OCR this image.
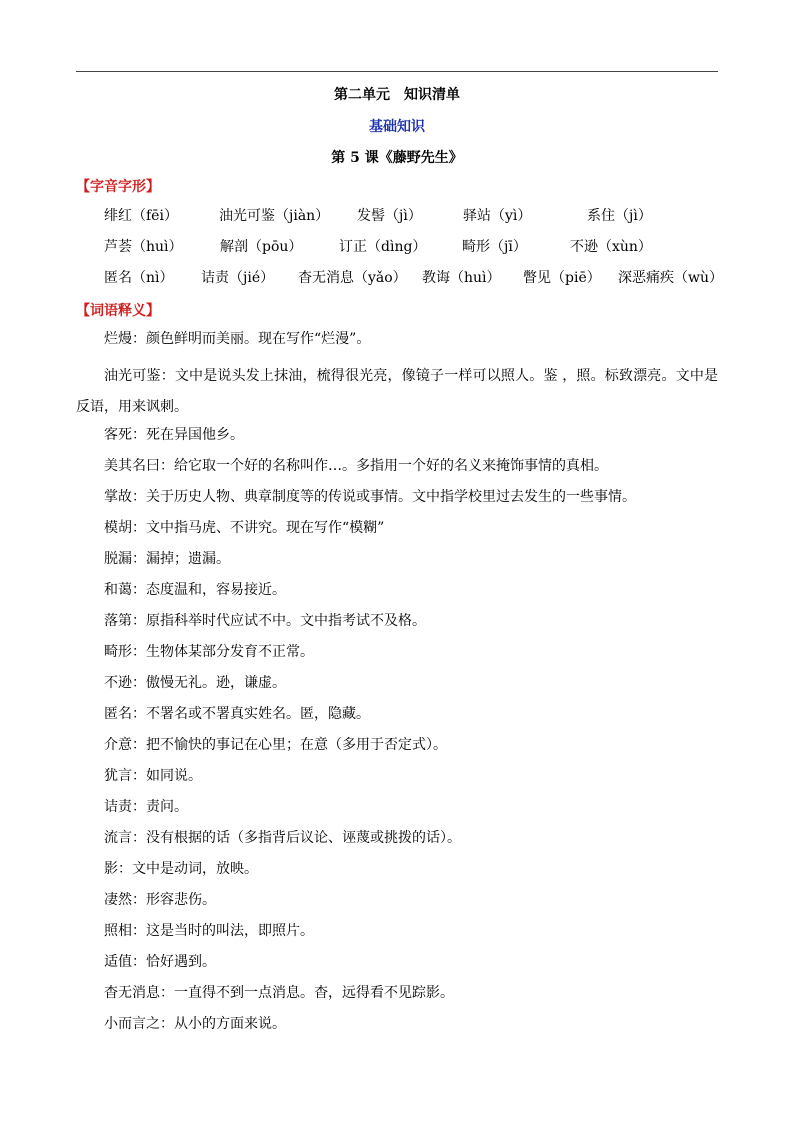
第二单元　知识清单
基础知识
第 5 课《藤野先生》
【字音字形】
绯红（fēi）	油光可鉴（jiàn） 发髻（jì）	驿站（yì）	系住（jì）
芦荟（huì）	解剖（pōu）	订正（dìng）	畸形（jī）	不逊（xùn）
匿名（nì） 诘责（jié） 杳无消息（yǎo） 教诲（huì） 瞥见（piē） 深恶痛疾（wù）
【词语释义】

烂熳：颜色鲜明而美丽。现在写作“烂漫”。

油光可鉴：文中是说头发上抹油，梳得很光亮，像镜子一样可以照人。鉴 ，照。标致漂亮。文中是反语，用来讽刺。

客死：死在异国他乡。

美其名曰：给它取一个好的名称叫作…。多指用一个好的名义来掩饰事情的真相。

掌故：关于历史人物、典章制度等的传说或事情。文中指学校里过去发生的一些事情。

模胡：文中指马虎、不讲究。现在写作“模糊”

脱漏：漏掉；遗漏。

和蔼：态度温和，容易接近。

落第：原指科举时代应试不中。文中指考试不及格。

畸形：生物体某部分发育不正常。

不逊：傲慢无礼。逊，谦虚。

匿名：不署名或不署真实姓名。匿，隐藏。

介意：把不愉快的事记在心里；在意（多用于否定式）。

犹言：如同说。

诘责：责问。

流言：没有根据的话（多指背后议论、诬蔑或挑拨的话）。

影：文中是动词，放映。

凄然：形容悲伤。

照相：这是当时的叫法，即照片。

适值：恰好遇到。

杳无消息：一直得不到一点消息。杳，远得看不见踪影。

小而言之：从小的方面来说。
